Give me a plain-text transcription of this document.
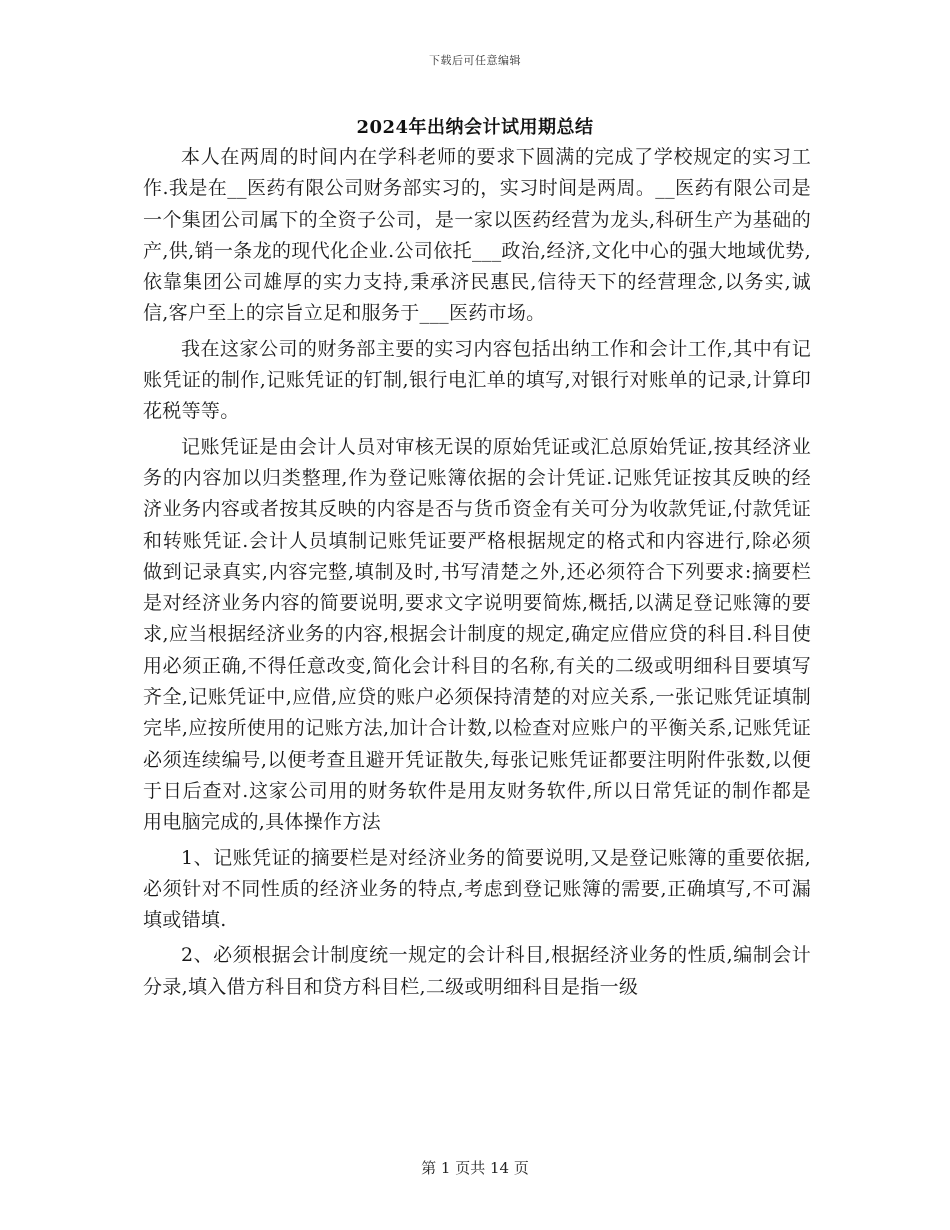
下载后可任意编辑
2024年出纳会计试用期总结

本人在两周的时间内在学科老师的要求下圆满的完成了学校规定的实习工作.我是在__医药有限公司财务部实习的，实习时间是两周。__医药有限公司是一个集团公司属下的全资子公司，是一家以医药经营为龙头,科研生产为基础的产,供,销一条龙的现代化企业.公司依托___政治,经济,文化中心的强大地域优势,依靠集团公司雄厚的实力支持,秉承济民惠民,信待天下的经营理念,以务实,诚信,客户至上的宗旨立足和服务于___医药市场。

我在这家公司的财务部主要的实习内容包括出纳工作和会计工作,其中有记账凭证的制作,记账凭证的钉制,银行电汇单的填写,对银行对账单的记录,计算印花税等等。

记账凭证是由会计人员对审核无误的原始凭证或汇总原始凭证,按其经济业务的内容加以归类整理,作为登记账簿依据的会计凭证.记账凭证按其反映的经济业务内容或者按其反映的内容是否与货币资金有关可分为收款凭证,付款凭证和转账凭证.会计人员填制记账凭证要严格根据规定的格式和内容进行,除必须做到记录真实,内容完整,填制及时,书写清楚之外,还必须符合下列要求:摘要栏是对经济业务内容的简要说明,要求文字说明要简炼,概括,以满足登记账簿的要求,应当根据经济业务的内容,根据会计制度的规定,确定应借应贷的科目.科目使用必须正确,不得任意改变,简化会计科目的名称,有关的二级或明细科目要填写齐全,记账凭证中,应借,应贷的账户必须保持清楚的对应关系,一张记账凭证填制完毕,应按所使用的记账方法,加计合计数,以检查对应账户的平衡关系,记账凭证必须连续编号,以便考查且避开凭证散失,每张记账凭证都要注明附件张数,以便于日后查对.这家公司用的财务软件是用友财务软件,所以日常凭证的制作都是用电脑完成的,具体操作方法

1、记账凭证的摘要栏是对经济业务的简要说明,又是登记账簿的重要依据,必须针对不同性质的经济业务的特点,考虑到登记账簿的需要,正确填写,不可漏填或错填.

2、必须根据会计制度统一规定的会计科目,根据经济业务的性质,编制会计分录,填入借方科目和贷方科目栏,二级或明细科目是指一级

第 1 页共 14 页
